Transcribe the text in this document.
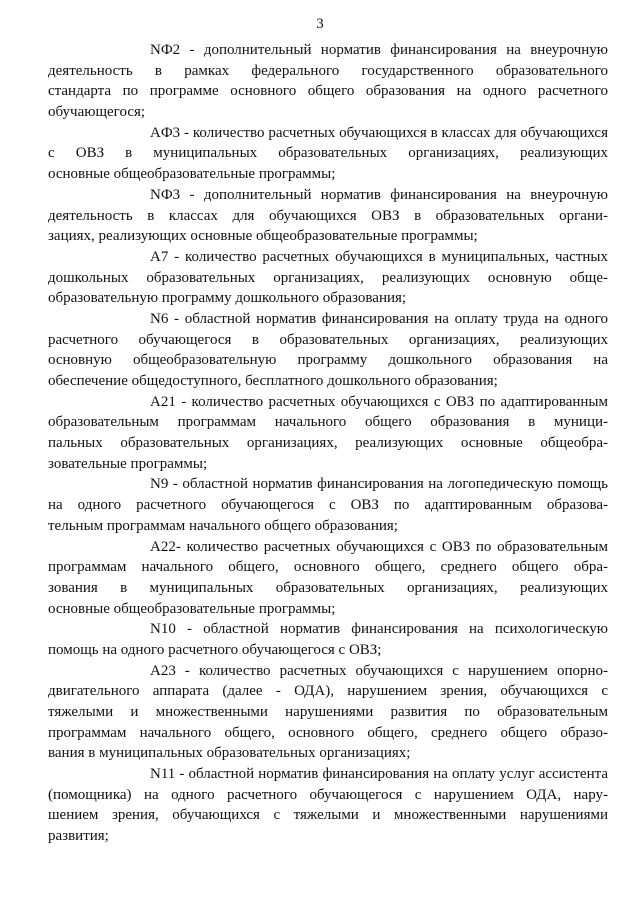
3

NФ2 - дополнительный норматив финансирования на внеурочную
деятельность в рамках федерального государственного образовательного
стандарта по программе основного общего образования на одного расчетного
обучающегося;

AФ3 - количество расчетных обучающихся в классах для обучающихся
с ОВЗ в муниципальных образовательных организациях, реализующих
основные общеобразовательные программы;

NФ3 - дополнительный норматив финансирования на внеурочную
деятельность в классах для обучающихся ОВЗ в образовательных органи-
зациях, реализующих основные общеобразовательные программы;

A7 - количество расчетных обучающихся в муниципальных, частных
дошкольных образовательных организациях, реализующих основную обще-
образовательную программу дошкольного образования;

N6 - областной норматив финансирования на оплату труда на одного
расчетного обучающегося в образовательных организациях, реализующих
основную общеобразовательную программу дошкольного образования на
обеспечение общедоступного, бесплатного дошкольного образования;

A21 - количество расчетных обучающихся с ОВЗ по адаптированным
образовательным программам начального общего образования в муници-
пальных образовательных организациях, реализующих основные общеобра-
зовательные программы;

N9 - областной норматив финансирования на логопедическую помощь
на одного расчетного обучающегося с ОВЗ по адаптированным образова-
тельным программам начального общего образования;

A22- количество расчетных обучающихся с ОВЗ по образовательным
программам начального общего, основного общего, среднего общего обра-
зования в муниципальных образовательных организациях, реализующих
основные общеобразовательные программы;

N10 - областной норматив финансирования на психологическую
помощь на одного расчетного обучающегося с ОВЗ;

A23 - количество расчетных обучающихся с нарушением опорно-
двигательного аппарата (далее - ОДА), нарушением зрения, обучающихся с
тяжелыми и множественными нарушениями развития по образовательным
программам начального общего, основного общего, среднего общего образо-
вания в муниципальных образовательных организациях;

N11 - областной норматив финансирования на оплату услуг ассистента
(помощника) на одного расчетного обучающегося с нарушением ОДА, нару-
шением зрения, обучающихся с тяжелыми и множественными нарушениями
развития;
